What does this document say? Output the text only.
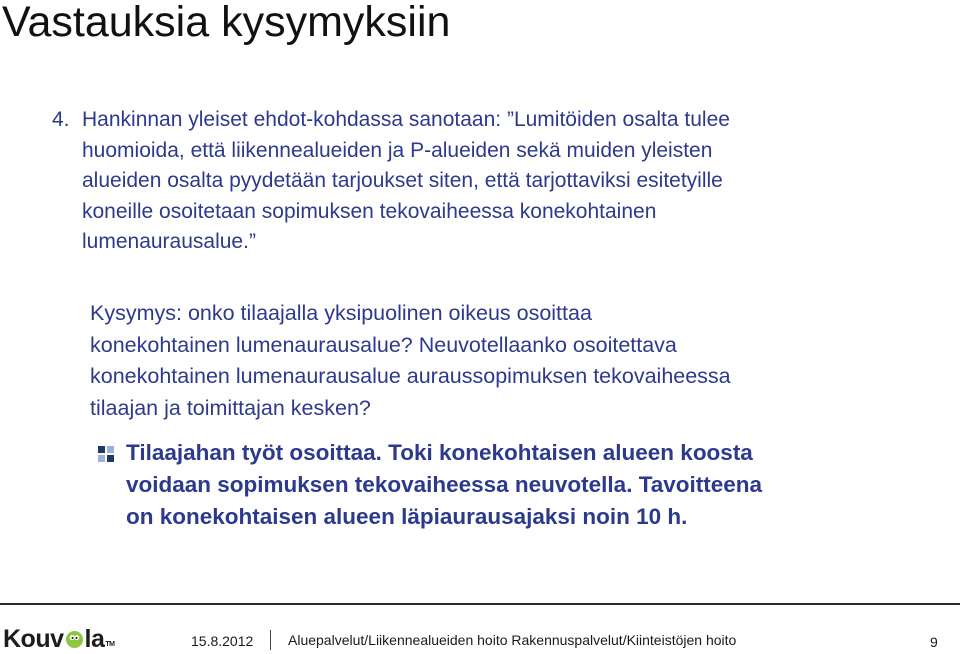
Vastauksia kysymyksiin
4. Hankinnan yleiset ehdot-kohdassa sanotaan: ”Lumitöiden osalta tulee
huomioida, että liikennealueiden ja P-alueiden sekä muiden yleisten
alueiden osalta pyydetään tarjoukset siten, että tarjottaviksi esitetyille
koneille osoitetaan sopimuksen tekovaiheessa konekohtainen
lumenaurausalue.”
Kysymys: onko tilaajalla yksipuolinen oikeus osoittaa
konekohtainen lumenaurausalue? Neuvotellaanko osoitettava
konekohtainen lumenaurausalue auraussopimuksen tekovaiheessa
tilaajan ja toimittajan kesken?
Tilaajahan työt osoittaa. Toki konekohtaisen alueen koosta
voidaan sopimuksen tekovaiheessa neuvotella. Tavoitteena
on konekohtaisen alueen läpiaurausajaksi noin 10 h.
Kouv la TM	15.8.2012 Aluepalvelut/Liikennealueiden hoito Rakennuspalvelut/Kiinteistöjen hoito	9
